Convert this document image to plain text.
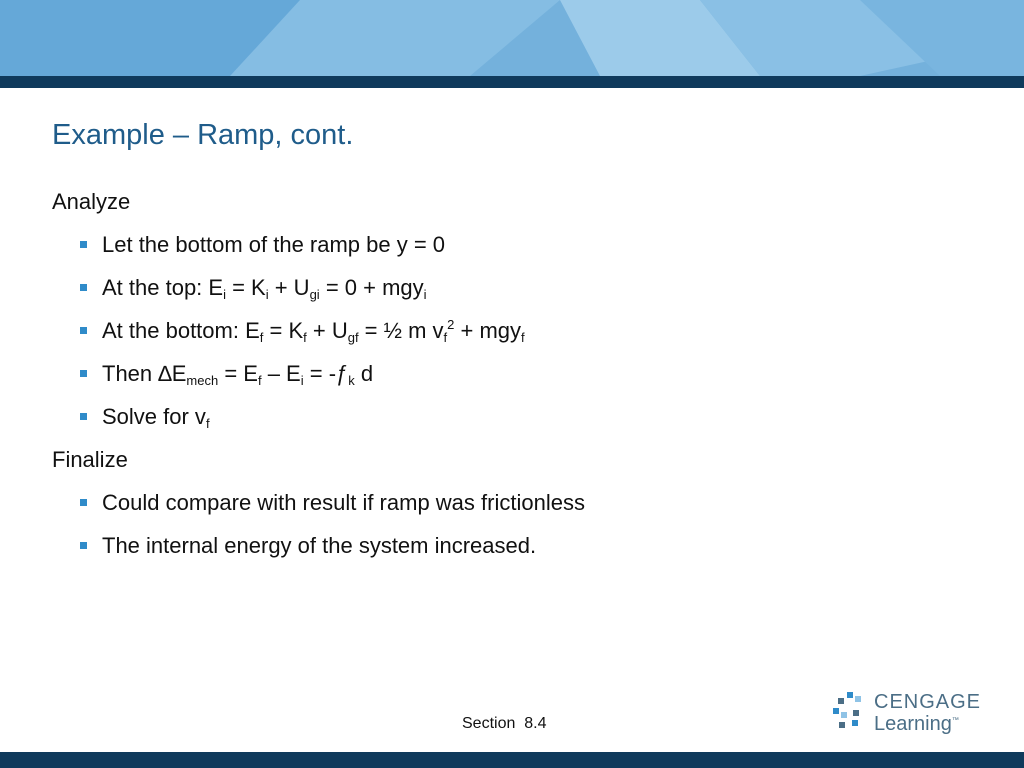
Example – Ramp, cont.
Analyze
Let the bottom of the ramp be y = 0
At the top: $E_i = K_i + U_{gi} = 0 + mgy_i$
At the bottom: $E_f = K_f + U_{gf}$ = ½ m $v_f^2 + mgy_f$
Then $\Delta E_{mech} = E_f - E_i$ = $-ƒ_k$ d
Solve for $v_f$
Finalize
Could compare with result if ramp was frictionless
The internal energy of the system increased.
Section  8.4
CENGAGE
Learning™
